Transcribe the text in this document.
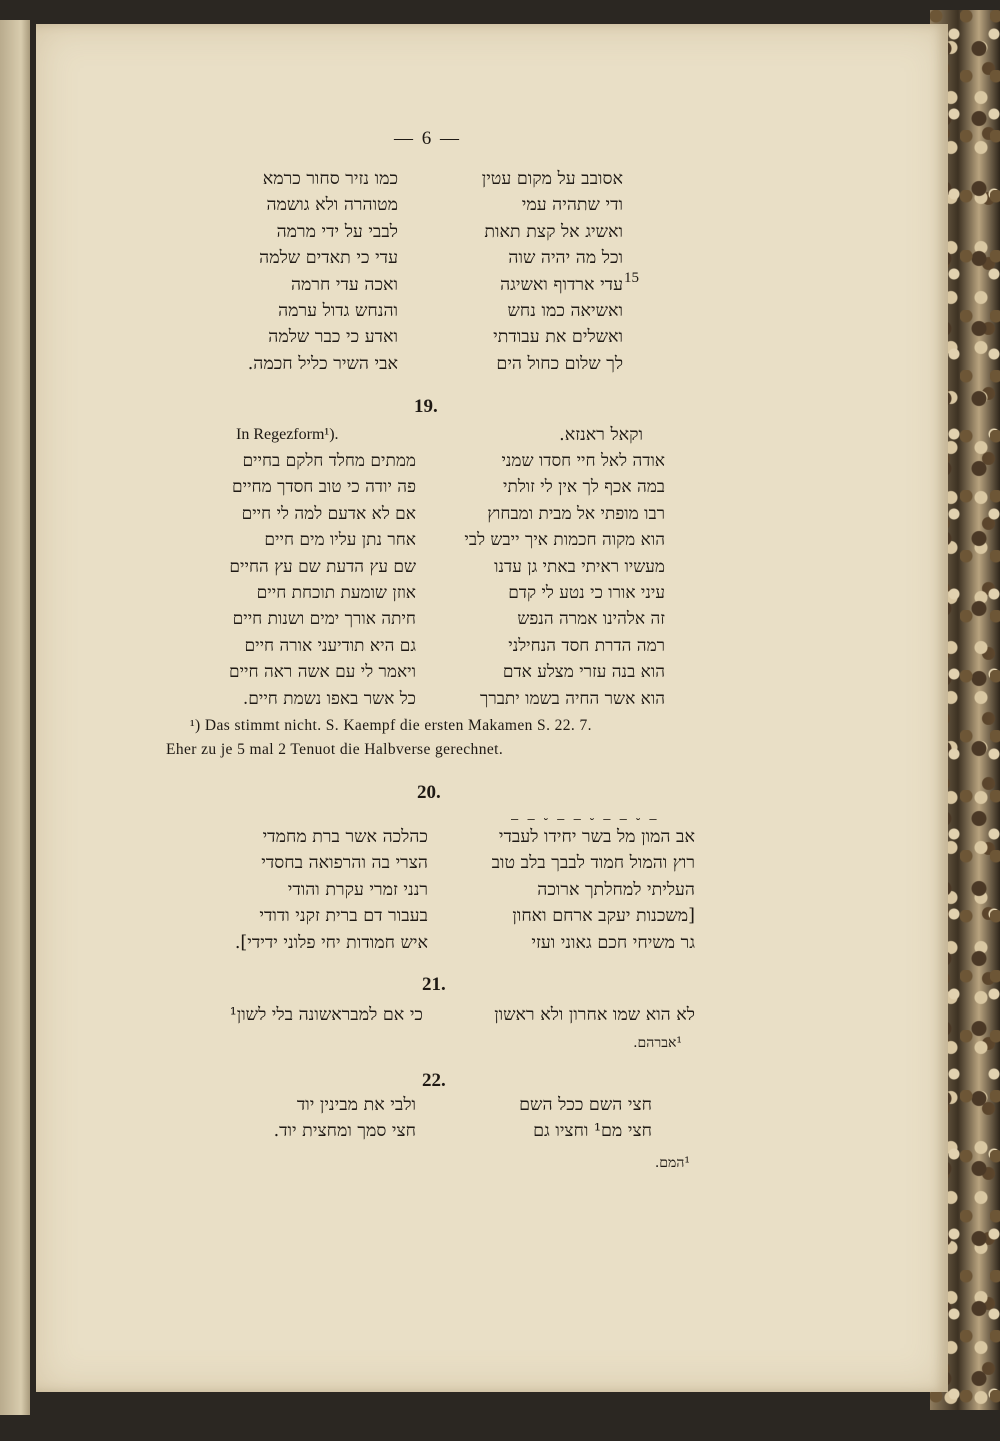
— 6 —
אסובב על מקום עטין
ודי שתהיה עמי
ואשיג אל קצת תאות
וכל מה יהיה שוה
עדי ארדוף ואשיגה
ואשיאה כמו נחש
ואשלים את עבודתי
לך שלום כחול הים
15
כמו נזיר סחור כרמא
מטוהרה ולא גושמה
לבבי על ידי מרמה
עדי כי תאדים שלמה
ואכה עדי חרמה
והנחש גדול ערמה
ואדע כי כבר שלמה
אבי השיר כליל חכמה.
19.
וקאל ראנזא.
In Regezform¹).
אודה לאל חיי חסדו שמני
במה אכף לך אין לי זולתי
רבו מופתי אל מבית ומבחוץ
הוא מקוה חכמות איך ייבש לבי
מעשיו ראיתי באתי גן עדנו
עיני אורו כי נטע לי קדם
זה אלהינו אמרה הנפש
רמה הדרת חסד הנחילני
הוא בנה עזרי מצלע אדם
הוא אשר החיה בשמו יתברך
ממתים מחלד חלקם בחיים
פה יודה כי טוב חסדך מחיים
אם לא אדעם למה לי חיים
אחר נתן עליו מים חיים
שם עץ הדעת שם עץ החיים
אוזן שומעת תוכחת חיים
חיתה אורך ימים ושנות חיים
גם היא תודיעני אורה חיים
ויאמר לי עם אשה ראה חיים
כל אשר באפו נשמת חיים.
¹) Das stimmt nicht. S. Kaempf die ersten Makamen S. 22. 7.
Eher zu je 5 mal 2 Tenuot die Halbverse gerechnet.
20.
– – ⏑ – – ⏑ – – ⏑ –
אב המון מל בשר יחידו לעבדי
רוץ והמול חמוד לבבך בלב טוב
העליתי למחלתך ארוכה
[משכנות יעקב ארחם ואחון
גר משיחי חכם גאוני ועזי
כהלכה אשר ברת מחמדי
הצרי בה והרפואה בחסדי
רנני זמרי עקרת והודי
בעבור דם ברית זקני ודודי
איש חמודות יחי פלוני ידידי].
21.
לא הוא שמו אחרון ולא ראשון
כי אם למבראשונה בלי לשון¹
¹אברהם.
22.
חצי השם ככל השם
חצי מם¹ וחציו גם
ולבי את מבינין יוד
חצי סמך ומחצית יוד.
¹המם.
